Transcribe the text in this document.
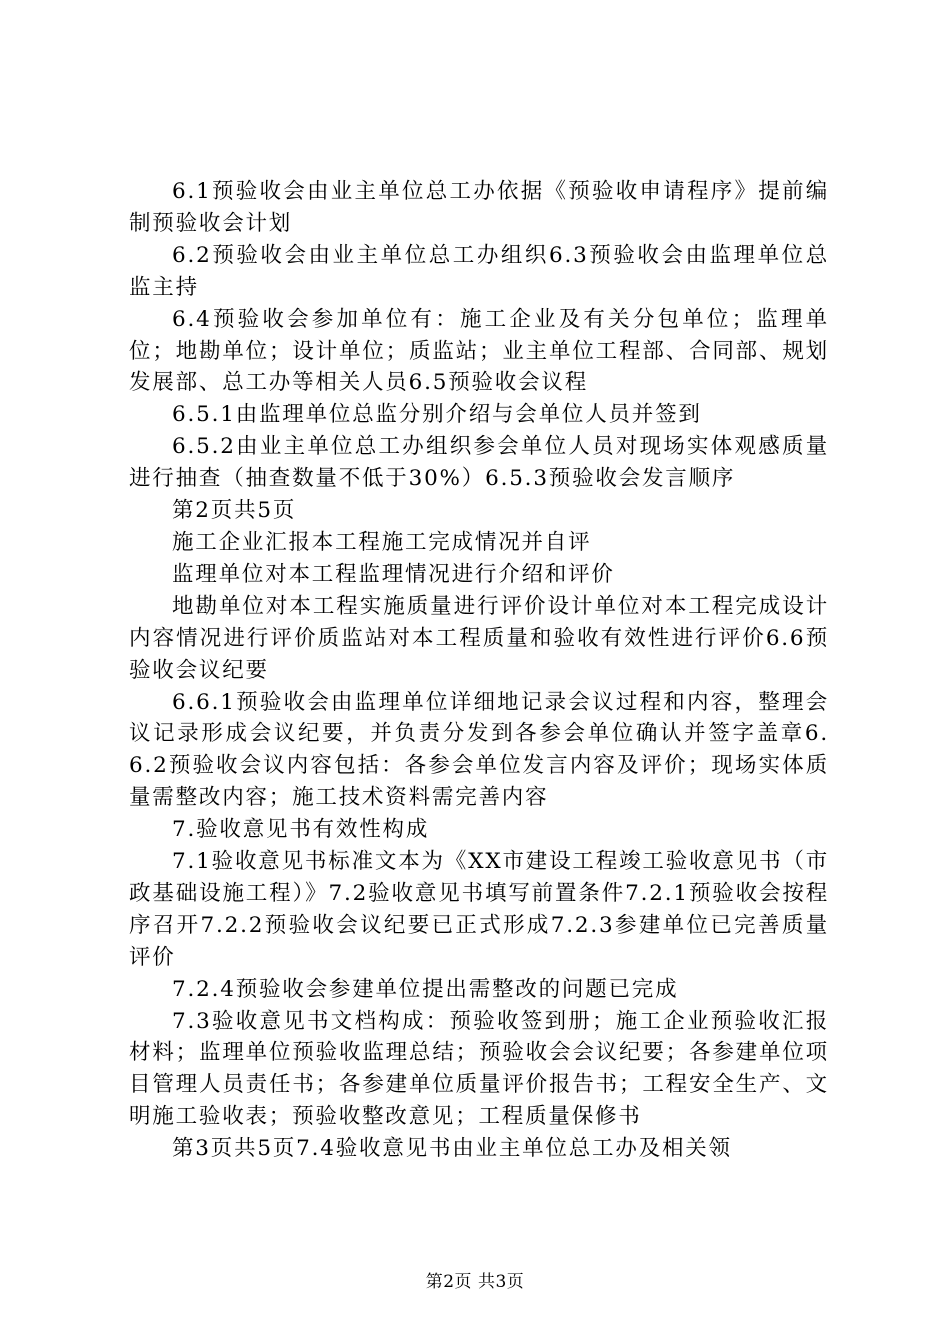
6.1预验收会由业主单位总工办依据《预验收申请程序》提前编制预验收会计划

6.2预验收会由业主单位总工办组织6.3预验收会由监理单位总监主持

6.4预验收会参加单位有：施工企业及有关分包单位；监理单位；地勘单位；设计单位；质监站；业主单位工程部、合同部、规划发展部、总工办等相关人员6.5预验收会议程

6.5.1由监理单位总监分别介绍与会单位人员并签到

6.5.2由业主单位总工办组织参会单位人员对现场实体观感质量进行抽查（抽查数量不低于30%）6.5.3预验收会发言顺序

第2页共5页

施工企业汇报本工程施工完成情况并自评

监理单位对本工程监理情况进行介绍和评价

地勘单位对本工程实施质量进行评价设计单位对本工程完成设计内容情况进行评价质监站对本工程质量和验收有效性进行评价6.6预验收会议纪要

6.6.1预验收会由监理单位详细地记录会议过程和内容，整理会议记录形成会议纪要，并负责分发到各参会单位确认并签字盖章6.6.2预验收会议内容包括：各参会单位发言内容及评价；现场实体质量需整改内容；施工技术资料需完善内容

7.验收意见书有效性构成

7.1验收意见书标准文本为《XX市建设工程竣工验收意见书（市政基础设施工程）》7.2验收意见书填写前置条件7.2.1预验收会按程序召开7.2.2预验收会议纪要已正式形成7.2.3参建单位已完善质量评价

7.2.4预验收会参建单位提出需整改的问题已完成

7.3验收意见书文档构成：预验收签到册；施工企业预验收汇报材料；监理单位预验收监理总结；预验收会会议纪要；各参建单位项目管理人员责任书；各参建单位质量评价报告书；工程安全生产、文明施工验收表；预验收整改意见；工程质量保修书

第3页共5页7.4验收意见书由业主单位总工办及相关领

第2页 共3页
